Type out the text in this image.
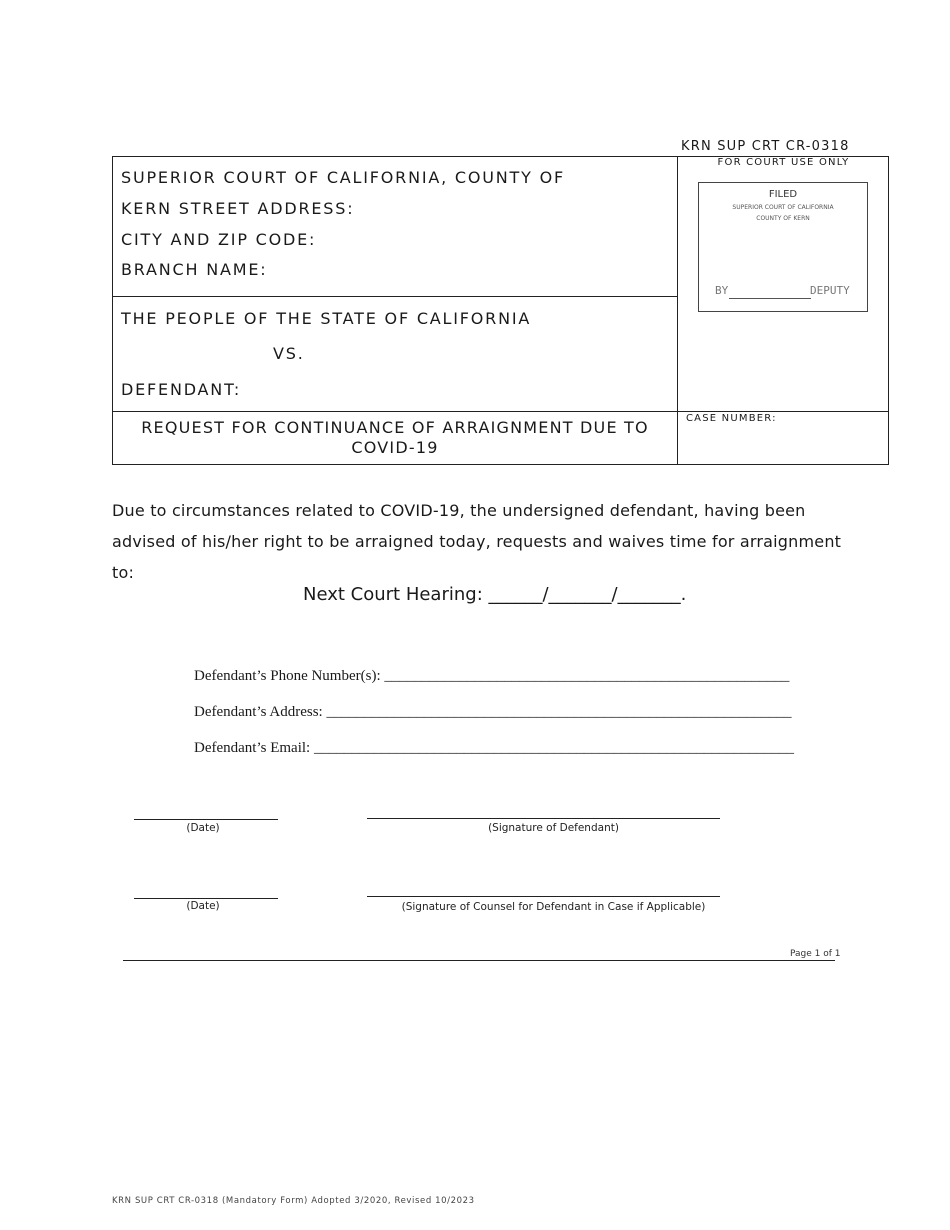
KRN SUP CRT CR-0318
SUPERIOR COURT OF CALIFORNIA, COUNTY OF
KERN STREET ADDRESS:
CITY AND ZIP CODE:
BRANCH NAME:
THE PEOPLE OF THE STATE OF CALIFORNIA
VS.
DEFENDANT:
FOR COURT USE ONLY
FILED
SUPERIOR COURT OF CALIFORNIA
COUNTY OF KERN
BY	DEPUTY
REQUEST FOR CONTINUANCE OF ARRAIGNMENT DUE TO COVID-19
CASE NUMBER:
Due to circumstances related to COVID-19, the undersigned defendant, having been advised of his/her right to be arraigned today, requests and waives time for arraignment to:
Next Court Hearing: ______/_______/_______.
Defendant’s Phone Number(s): ______________________________________________________
Defendant’s Address: ______________________________________________________________
Defendant’s Email: ________________________________________________________________
(Date)	(Signature of Defendant)
(Date)	(Signature of Counsel for Defendant in Case if Applicable)
Page 1 of 1
KRN SUP CRT CR-0318 (Mandatory Form) Adopted 3/2020, Revised 10/2023
